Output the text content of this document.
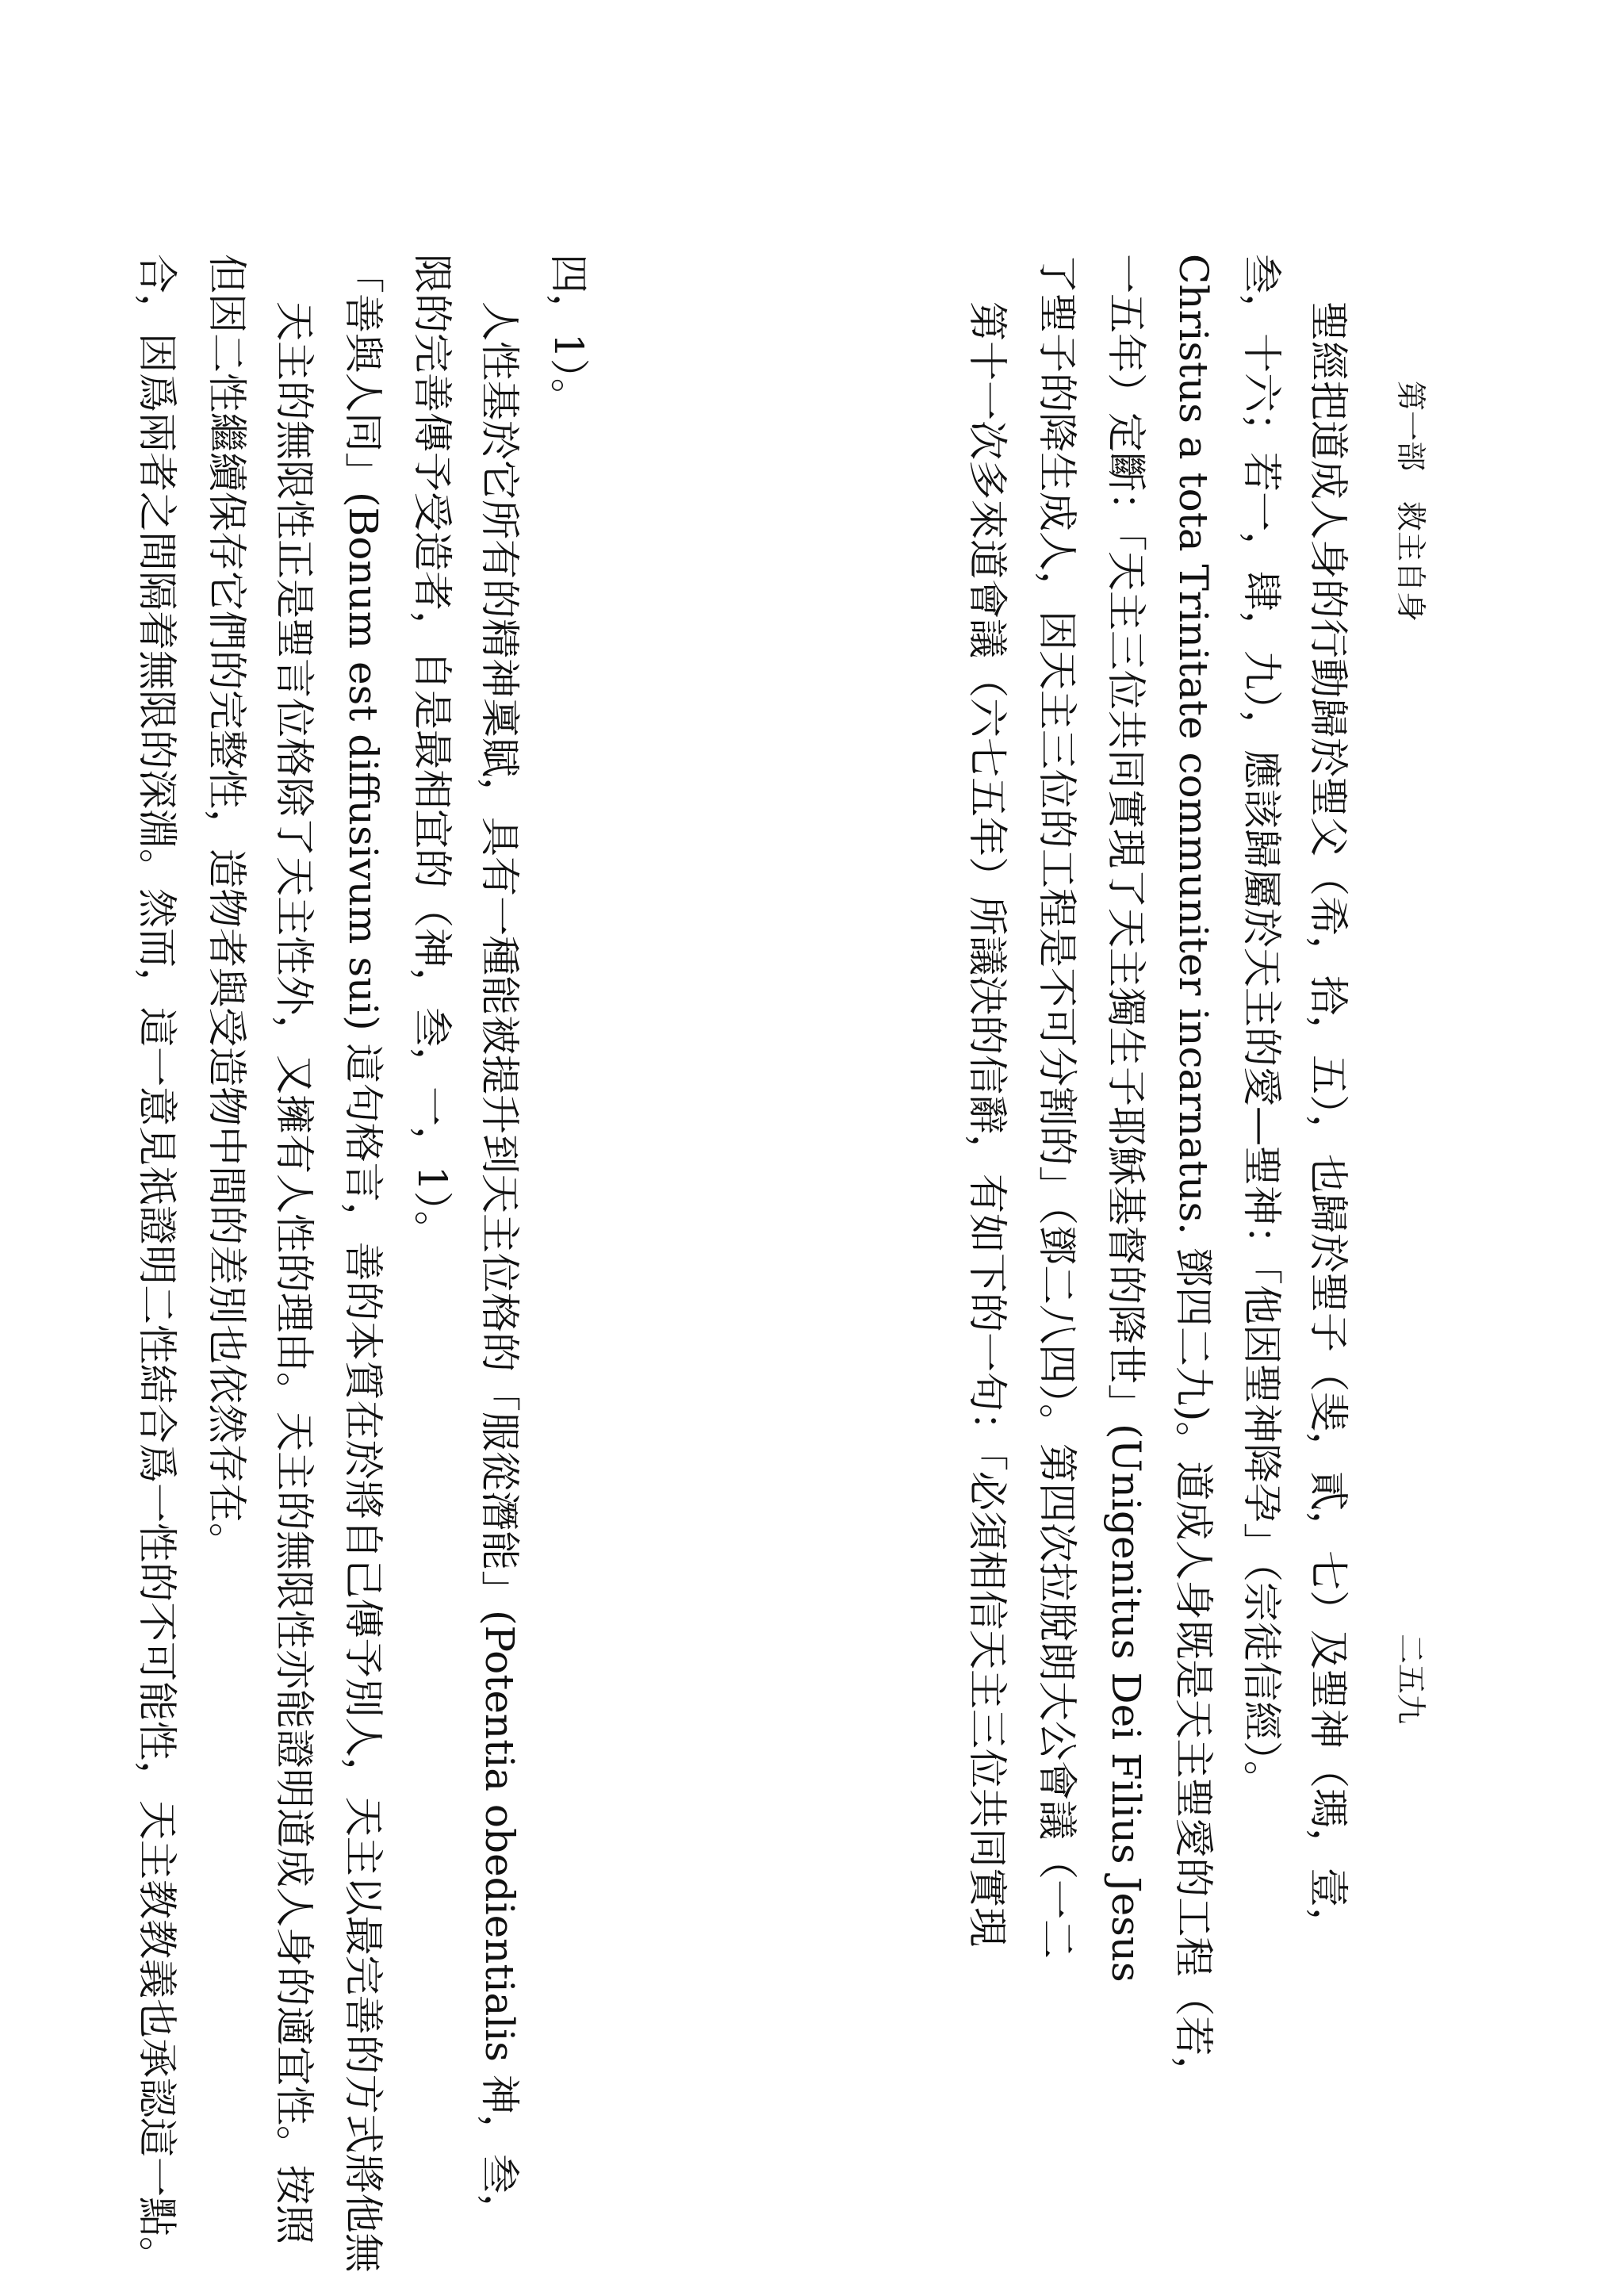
合，因爲兩者之間隔着無限的深淵。然而，這一意見祇證明二性結合爲一性的不可能性，天主教教義也承認這一點。 但因二性繼續保存它們的完整性，造物者與受造物中間的差別也依然存在。 天主的無限性正是聖言位格除了天主性外，又擁有人性的理由。天主的無限性亦能證明道成人身的適宜性。按照 「善與人同」(Bonum est diffusivum sui) 這句格言，善的本質在於將自己傳予別人，天主以最完善的方式將他無 限的完善傳予受造者，自是最相宜的（神，叁，一，1）。 人性基於它所有的精神稟賦，具有一種能被提升到天主位格的「服從潛能」(Potentia obedientialis 神，叁， 四，1）。	第十一次多來道會議（六七五年）所議決的信辭，有如下的一句：「必須相信天主三位共同實現 了聖子的降生成人，因天主三位的工程是不可分割的」（鄧二八四）。第四次拉脫朗大公會議（一二 一五年）定斷：「天主三位共同實現了天主獨生子耶穌基督的降世」(Unigenitus Dei Filius Jesus Christus a tota Trinitate communiter incarnatus. 鄧四二九)。道成人身既是天主聖愛的工程（若， 叁，十六；若一，肆，九），應該歸屬於天主的愛—聖神：「他因聖神降孕」（宗徒信經）。 聖經把道成人身的行動歸於聖父（希，拾，五），也歸於聖子（斐，貳，七）及聖神（瑪，壹， 第一部　救主自身
二五九
